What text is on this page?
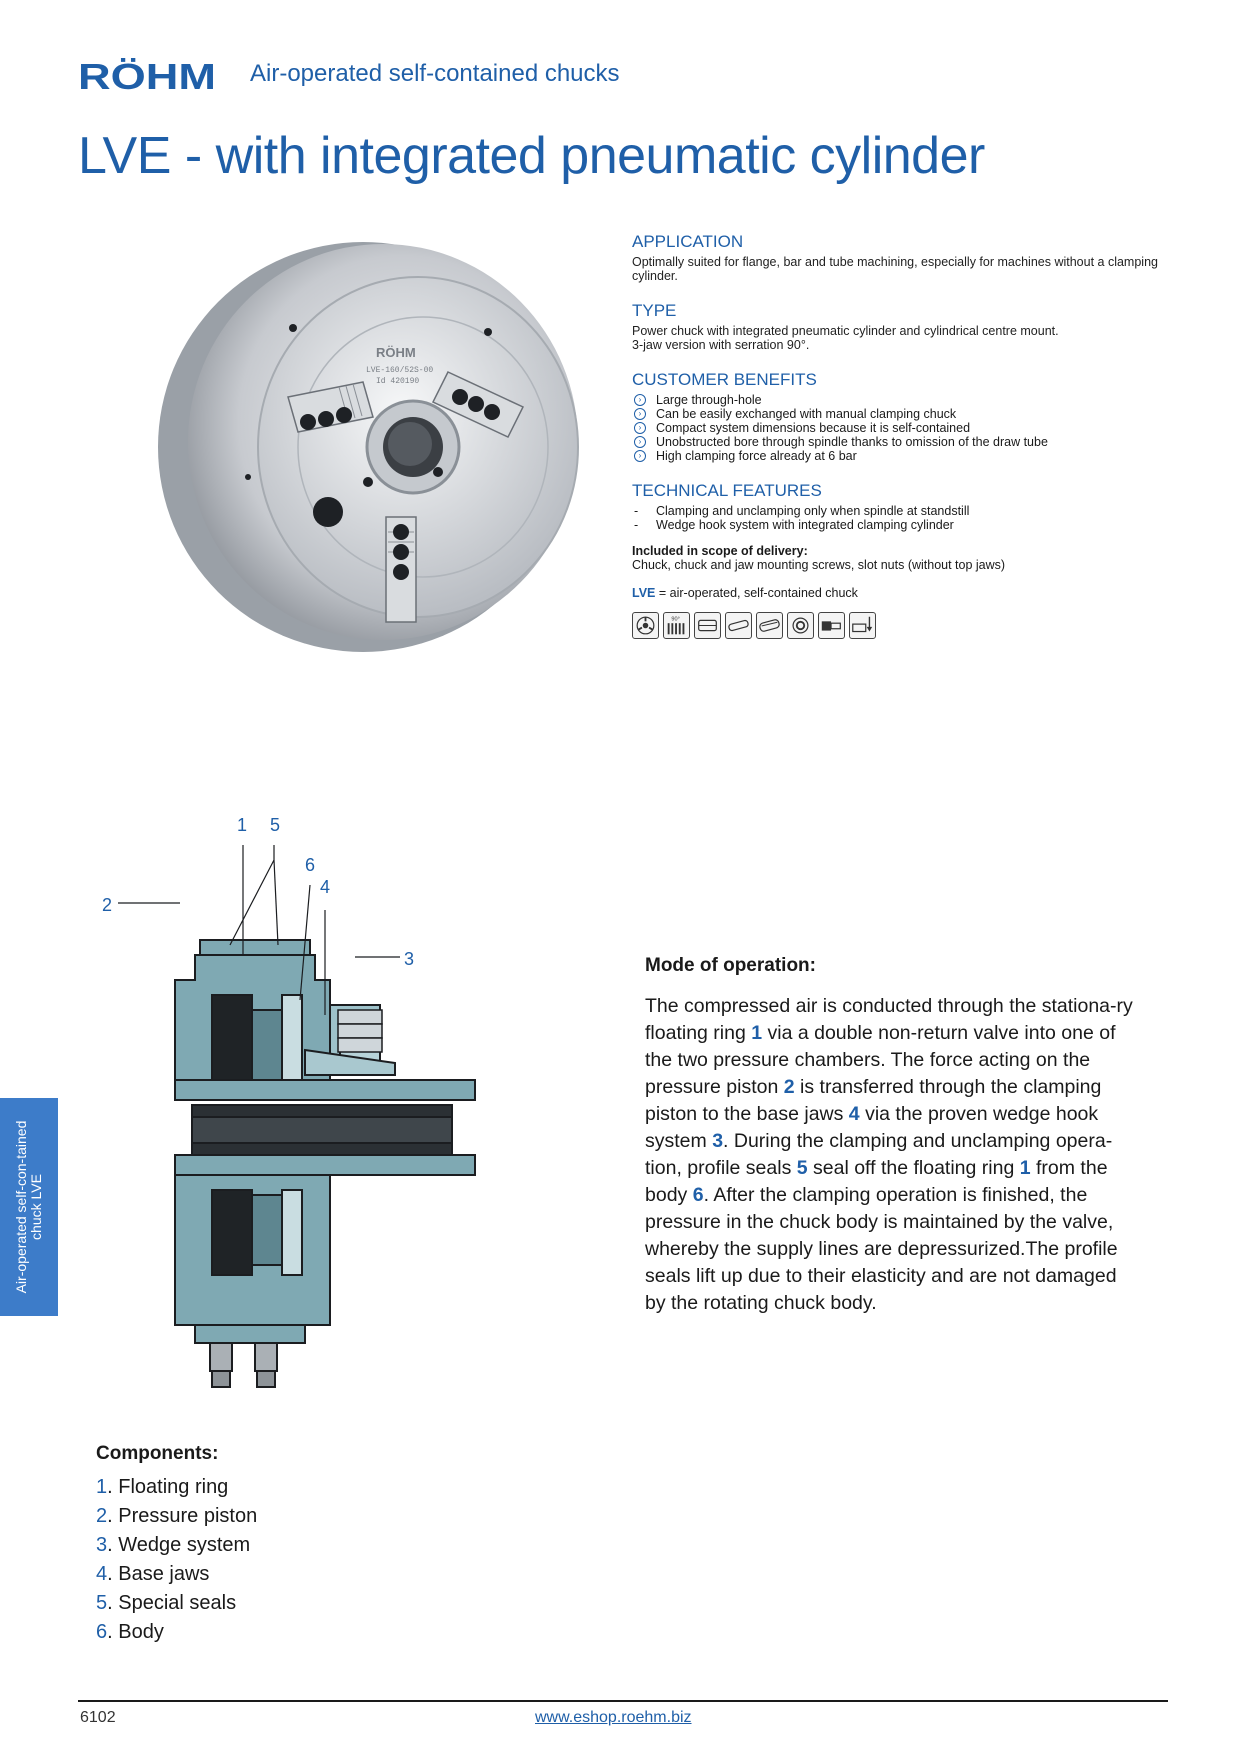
RÖHM Air-operated self-contained chucks
LVE - with integrated pneumatic cylinder
RÖHM
LVE-160/52S-00
Id 420190
APPLICATION
Optimally suited for flange, bar and tube machining, especially for machines without a clamping cylinder.
TYPE
Power chuck with integrated pneumatic cylinder and cylindrical centre mount.
3-jaw version with serration 90°.
CUSTOMER BENEFITS
›	Large through-hole
›	Can be easily exchanged with manual clamping chuck
›	Compact system dimensions because it is self-contained
›	Unobstructed bore through spindle thanks to omission of the draw tube
›	High clamping force already at 6 bar
TECHNICAL FEATURES
- Clamping and unclamping only when spindle at standstill
- Wedge hook system with integrated clamping cylinder
Included in scope of delivery:
Chuck, chuck and jaw mounting screws, slot nuts (without top jaws)
LVE = air-operated, self-contained chuck
90°
1 5
6
4
2
3	Mode of operation:
The compressed air is conducted through the stationa-ry floating ring 1 via a double non-return valve into one of the two pressure chambers. The force acting on the pressure piston 2 is transferred through the clamping piston to the base jaws 4 via the proven wedge hook system 3. During the clamping and unclamping opera-tion, profile seals 5 seal off the floating ring 1 from the body 6. After the clamping operation is finished, the pressure in the chuck body is maintained by the valve, whereby the supply lines are depressurized.The profile seals lift up due to their elasticity and are not damaged by the rotating chuck body.
Components:
1. Floating ring
2. Pressure piston
3. Wedge system
4. Base jaws
5. Special seals
6. Body
Air-operated self-con-tained chuck LVE
6102	www.eshop.roehm.biz
